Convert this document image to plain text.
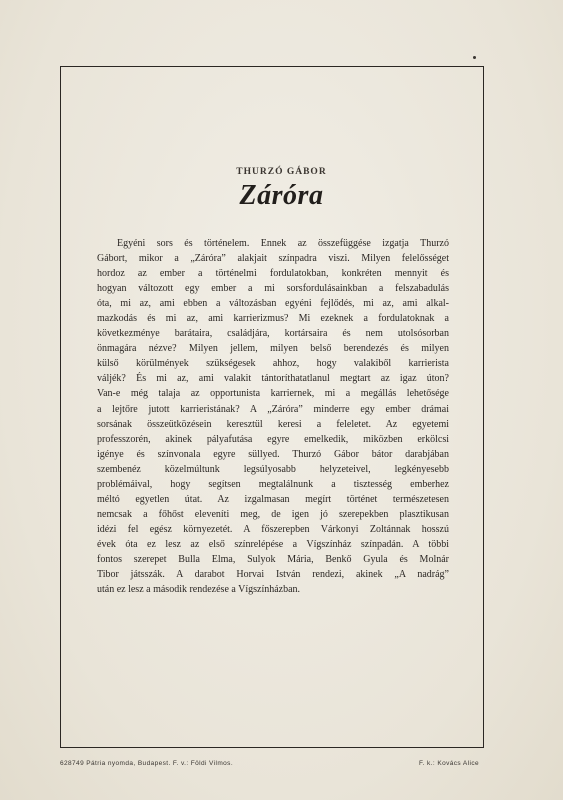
THURZÓ GÁBOR
Záróra
Egyéni sors és történelem. Ennek az összefüggése izgatja Thurzó
Gábort, mikor a „Záróra” alakjait színpadra viszi. Milyen felelősséget
hordoz az ember a történelmi fordulatokban, konkréten mennyit és
hogyan változott egy ember a mi sorsfordulásainkban a felszabadulás
óta, mi az, ami ebben a változásban egyéni fejlődés, mi az, ami alkal-
mazkodás és mi az, ami karrierizmus? Mi ezeknek a fordulatoknak a
következménye barátaira, családjára, kortársaira és nem utolsósorban
önmagára nézve? Milyen jellem, milyen belső berendezés és milyen
külső körülmények szükségesek ahhoz, hogy valakiből karrierista
váljék? És mi az, ami valakit tántoríthatatlanul megtart az igaz úton?
Van-e még talaja az opportunista karriernek, mi a megállás lehetősége
a lejtőre jutott karrieristának? A „Záróra” minderre egy ember drámai
sorsának összeütközésein keresztül keresi a feleletet. Az egyetemi
professzorén, akinek pályafutása egyre emelkedik, miközben erkölcsi
igénye és színvonala egyre süllyed. Thurzó Gábor bátor darabjában
szembenéz közelmúltunk legsúlyosabb helyzeteivel, legkényesebb
problémáival, hogy segítsen megtalálnunk a tisztesség emberhez
méltó egyetlen útat. Az izgalmasan megírt történet természetesen
nemcsak a főhőst eleveníti meg, de igen jó szerepekben plasztikusan
idézi fel egész környezetét. A főszerepben Várkonyi Zoltánnak hosszú
évek óta ez lesz az első színrelépése a Vígszínház színpadán. A többi
fontos szerepet Bulla Elma, Sulyok Mária, Benkő Gyula és Molnár
Tibor játsszák. A darabot Horvai István rendezi, akinek „A nadrág”
után ez lesz a második rendezése a Vígszínházban.
628749 Pátria nyomda, Budapest. F. v.: Földi Vilmos.	F. k.: Kovács Alice
